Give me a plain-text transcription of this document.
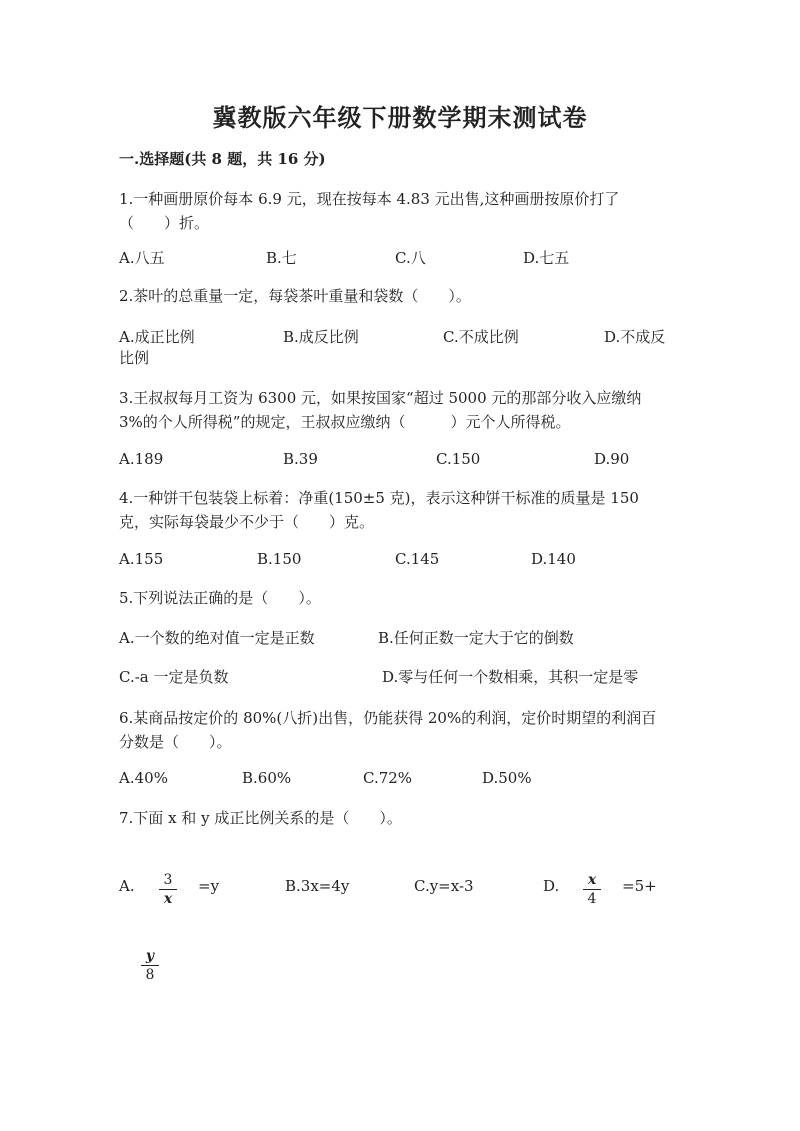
冀教版六年级下册数学期末测试卷
一.选择题(共 8 题，共 16 分)
1.一种画册原价每本 6.9 元，现在按每本 4.83 元出售,这种画册按原价打了
（　　）折。
A.八五	B.七	C.八	D.七五
2.茶叶的总重量一定，每袋茶叶重量和袋数（　　）。
A.成正比例	B.成反比例	C.不成比例	D.不成反
比例
3.王叔叔每月工资为 6300 元，如果按国家“超过 5000 元的那部分收入应缴纳
3%的个人所得税”的规定，王叔叔应缴纳（　　　）元个人所得税。
A.189	B.39	C.150	D.90
4.一种饼干包装袋上标着：净重(150±5 克)，表示这种饼干标准的质量是 150
克，实际每袋最少不少于（　　）克。
A.155	B.150	C.145	D.140
5.下列说法正确的是（　　）。
A.一个数的绝对值一定是正数	B.任何正数一定大于它的倒数
C.-a 一定是负数	D.零与任何一个数相乘，其积一定是零
6.某商品按定价的 80%(八折)出售，仍能获得 20%的利润，定价时期望的利润百
分数是（　　）。
A.40%	B.60%	C.72%	D.50%
7.下面 x 和 y 成正比例关系的是（　　）。
A.	3
x
=y	B.3x=4y	C.y=x-3	D.	x
4
=5+
y
8
